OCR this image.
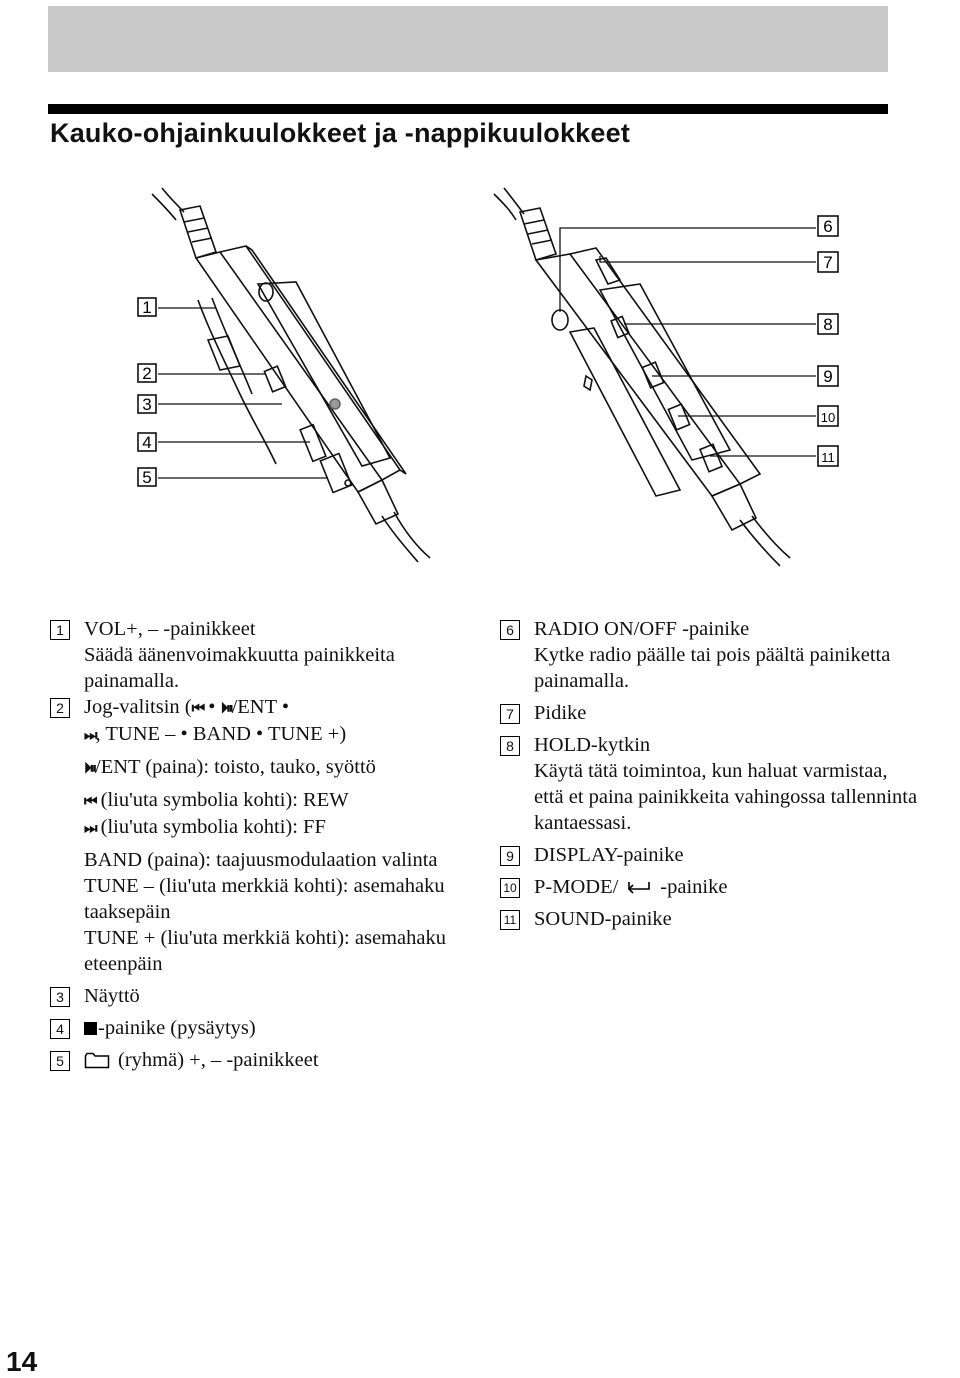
Kauko-ohjainkuulokkeet ja -nappikuulokkeet
1
2
3
4
5
6
7
8
9
10
11
1 VOL+, – -painikkeet
Säädä äänenvoimakkuutta painikkeita painamalla.
2 Jog-valitsin (⏮ • ⏵⏸/ENT •
⏭, TUNE – • BAND • TUNE +)
⏵⏸/ENT (paina): toisto, tauko, syöttö
⏮ (liu'uta symbolia kohti): REW
⏭ (liu'uta symbolia kohti): FF
BAND (paina): taajuusmodulaation valinta
TUNE – (liu'uta merkkiä kohti): asemahaku taaksepäin
TUNE + (liu'uta merkkiä kohti): asemahaku eteenpäin
3 Näyttö
4	-painike (pysäytys)
5	(ryhmä) +, – -painikkeet
6 RADIO ON/OFF -painike
Kytke radio päälle tai pois päältä painiketta painamalla.
7 Pidike
8 HOLD-kytkin
Käytä tätä toimintoa, kun haluat varmistaa, että et paina painikkeita vahingossa tallenninta kantaessasi.
9 DISPLAY-painike
10 P-MODE/ -painike
11 SOUND-painike
14
